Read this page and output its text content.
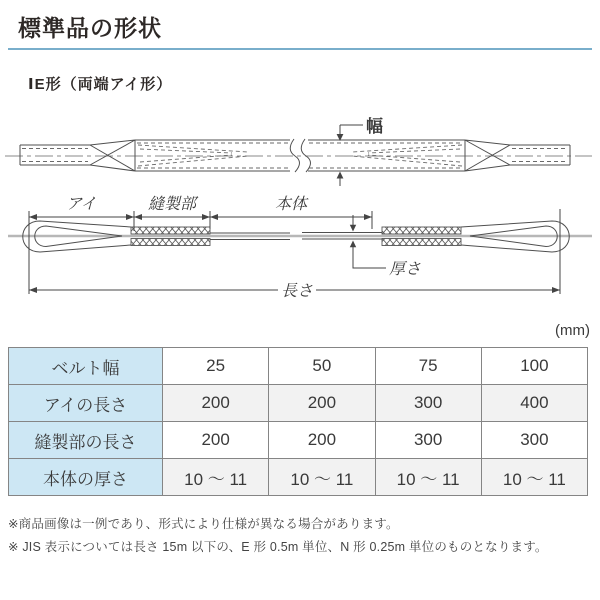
標準品の形状
ⅠE形（両端アイ形）
幅
アイ	縫製部	本体
厚さ
長さ
(mm)
ベルト幅	25	50	75	100
アイの長さ	200	200	300	400
縫製部の長さ	200	200	300	300
本体の厚さ	10 ～ 11	10 ～ 11	10 ～ 11	10 ～ 11
※商品画像は一例であり、形式により仕様が異なる場合があります。
※ JIS 表示については長さ 15m 以下の、E 形 0.5m 単位、N 形 0.25m 単位のものとなります。
